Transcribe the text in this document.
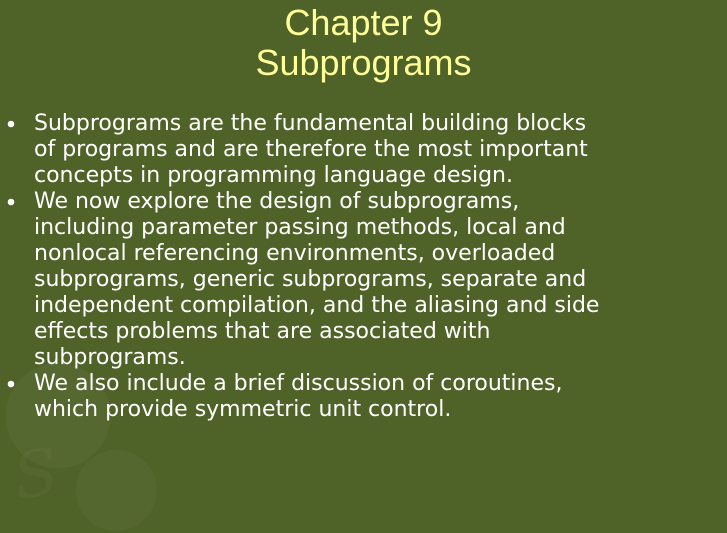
Chapter 9
Subprograms
Subprograms are the fundamental building blocks
of programs and are therefore the most important
concepts in programming language design.
We now explore the design of subprograms,
including parameter passing methods, local and
nonlocal referencing environments, overloaded
subprograms, generic subprograms, separate and
independent compilation, and the aliasing and side
effects problems that are associated with
subprograms.
We also include a brief discussion of coroutines,
which provide symmetric unit control.
